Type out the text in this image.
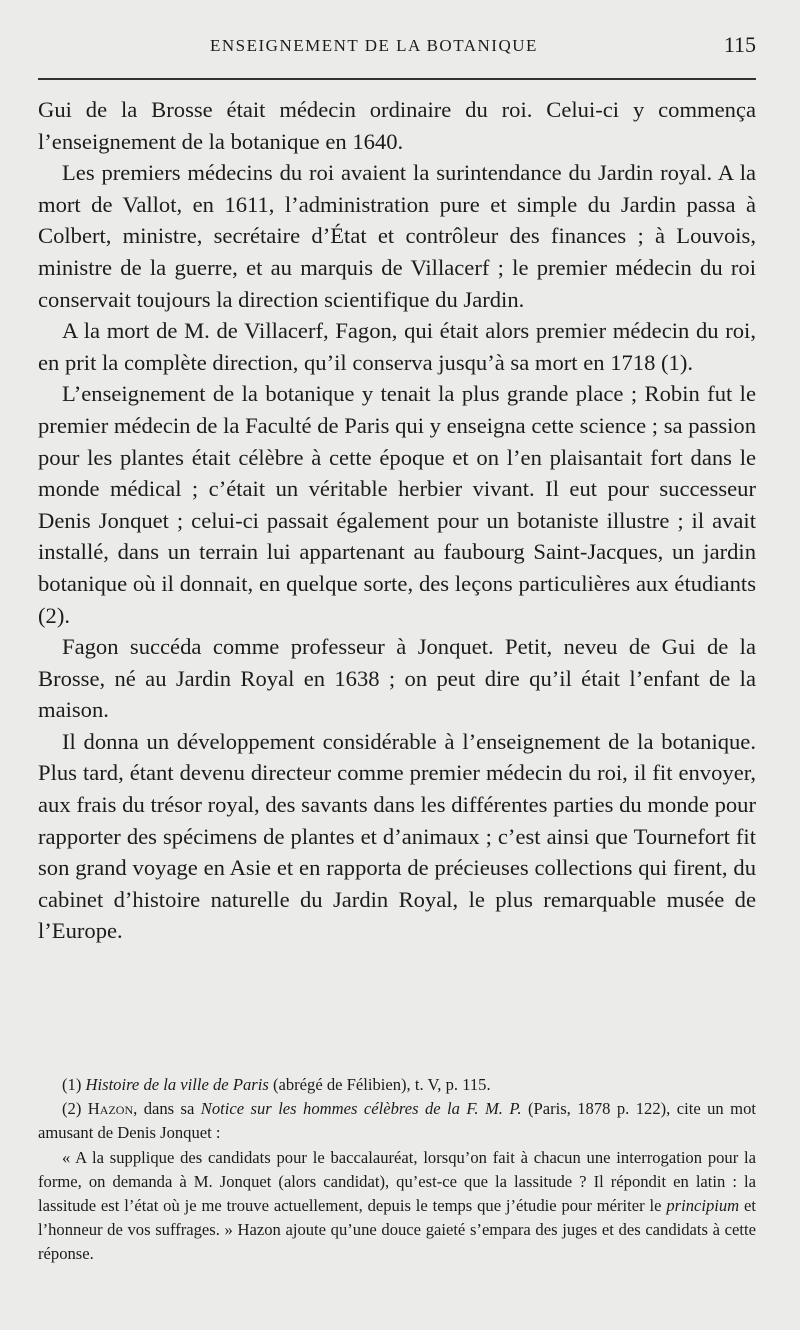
ENSEIGNEMENT DE LA BOTANIQUE	115

Gui de la Brosse était médecin ordinaire du roi. Celui-ci y commença l’enseignement de la botanique en 1640.

Les premiers médecins du roi avaient la surintendance du Jardin royal. A la mort de Vallot, en 1611, l’administration pure et simple du Jardin passa à Colbert, ministre, secrétaire d’État et contrôleur des finances ; à Louvois, ministre de la guerre, et au marquis de Villacerf ; le premier médecin du roi conservait toujours la direction scientifique du Jardin.

A la mort de M. de Villacerf, Fagon, qui était alors premier médecin du roi, en prit la complète direction, qu’il conserva jusqu’à sa mort en 1718 (1).

L’enseignement de la botanique y tenait la plus grande place ; Robin fut le premier médecin de la Faculté de Paris qui y enseigna cette science ; sa passion pour les plantes était célèbre à cette époque et on l’en plaisantait fort dans le monde médical ; c’était un véritable herbier vivant. Il eut pour successeur Denis Jonquet ; celui-ci passait également pour un botaniste illustre ; il avait installé, dans un terrain lui appartenant au faubourg Saint-Jacques, un jardin botanique où il donnait, en quelque sorte, des leçons particulières aux étudiants (2).

Fagon succéda comme professeur à Jonquet. Petit, neveu de Gui de la Brosse, né au Jardin Royal en 1638 ; on peut dire qu’il était l’enfant de la maison.

Il donna un développement considérable à l’enseignement de la botanique. Plus tard, étant devenu directeur comme premier médecin du roi, il fit envoyer, aux frais du trésor royal, des savants dans les différentes parties du monde pour rapporter des spécimens de plantes et d’animaux ; c’est ainsi que Tournefort fit son grand voyage en Asie et en rapporta de précieuses collections qui firent, du cabinet d’histoire naturelle du Jardin Royal, le plus remarquable musée de l’Europe.

(1) Histoire de la ville de Paris (abrégé de Félibien), t. V, p. 115.

(2) Hazon, dans sa Notice sur les hommes célèbres de la F. M. P. (Paris, 1878 p. 122), cite un mot amusant de Denis Jonquet :

« A la supplique des candidats pour le baccalauréat, lorsqu’on fait à chacun une interrogation pour la forme, on demanda à M. Jonquet (alors candidat), qu’est-ce que la lassitude ? Il répondit en latin : la lassitude est l’état où je me trouve actuellement, depuis le temps que j’étudie pour mériter le principium et l’honneur de vos suffrages. » Hazon ajoute qu’une douce gaieté s’empara des juges et des candidats à cette réponse.
